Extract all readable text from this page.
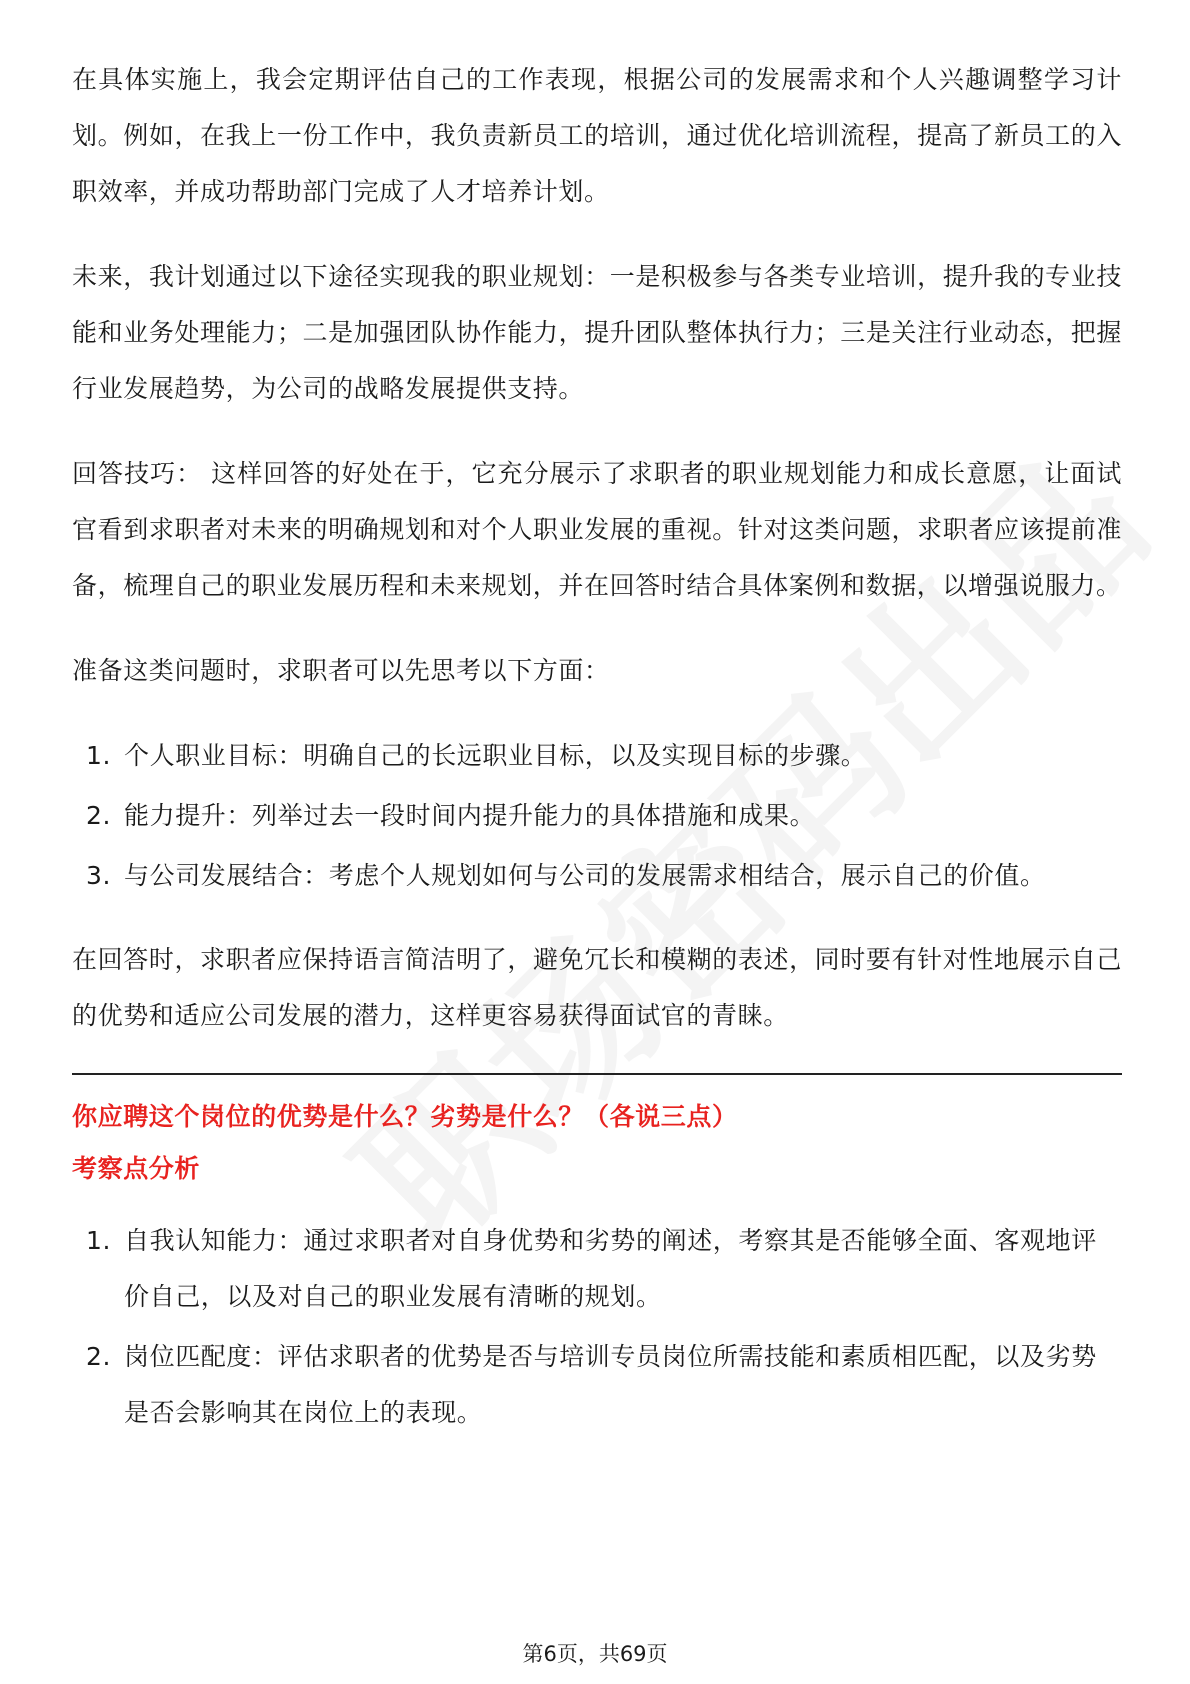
在具体实施上，我会定期评估自己的工作表现，根据公司的发展需求和个人兴趣调整学习计划。例如，在我上一份工作中，我负责新员工的培训，通过优化培训流程，提高了新员工的入职效率，并成功帮助部门完成了人才培养计划。

未来，我计划通过以下途径实现我的职业规划：一是积极参与各类专业培训，提升我的专业技能和业务处理能力；二是加强团队协作能力，提升团队整体执行力；三是关注行业动态，把握行业发展趋势，为公司的战略发展提供支持。

回答技巧： 这样回答的好处在于，它充分展示了求职者的职业规划能力和成长意愿，让面试官看到求职者对未来的明确规划和对个人职业发展的重视。针对这类问题，求职者应该提前准备，梳理自己的职业发展历程和未来规划，并在回答时结合具体案例和数据，以增强说服力。

准备这类问题时，求职者可以先思考以下方面：

1. 个人职业目标：明确自己的长远职业目标，以及实现目标的步骤。
2. 能力提升：列举过去一段时间内提升能力的具体措施和成果。
3. 与公司发展结合：考虑个人规划如何与公司的发展需求相结合，展示自己的价值。

在回答时，求职者应保持语言简洁明了，避免冗长和模糊的表述，同时要有针对性地展示自己的优势和适应公司发展的潜力，这样更容易获得面试官的青睐。

你应聘这个岗位的优势是什么？劣势是什么？（各说三点）
考察点分析
1. 自我认知能力：通过求职者对自身优势和劣势的阐述，考察其是否能够全面、客观地评价自己，以及对自己的职业发展有清晰的规划。
2. 岗位匹配度：评估求职者的优势是否与培训专员岗位所需技能和素质相匹配，以及劣势是否会影响其在岗位上的表现。
第6页，共69页
